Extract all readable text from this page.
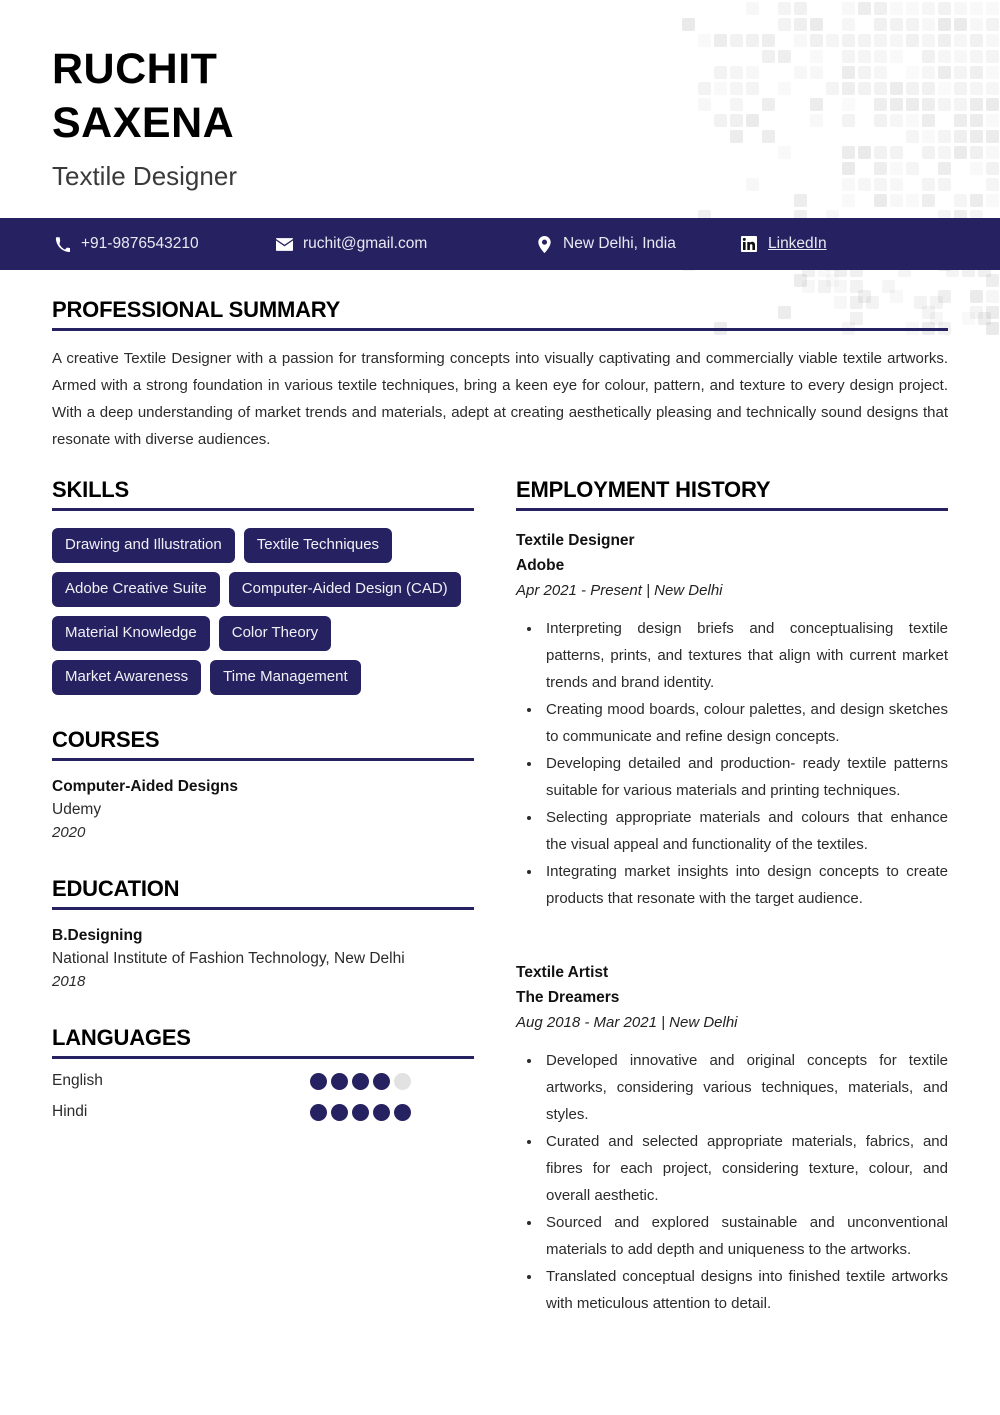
RUCHIT
SAXENA
Textile Designer
+91-9876543210	ruchit@gmail.com	New Delhi, India	LinkedIn
PROFESSIONAL SUMMARY
A creative Textile Designer with a passion for transforming concepts into visually captivating and commercially viable textile artworks. Armed with a strong foundation in various textile techniques, bring a keen eye for colour, pattern, and texture to every design project. With a deep understanding of market trends and materials, adept at creating aesthetically pleasing and technically sound designs that resonate with diverse audiences.
SKILLS
Drawing and Illustration	Textile Techniques
Adobe Creative Suite	Computer-Aided Design (CAD)
Material Knowledge	Color Theory
Market Awareness	Time Management
COURSES
Computer-Aided Designs
Udemy
2020
EDUCATION
B.Designing
National Institute of Fashion Technology, New Delhi
2018
LANGUAGES
English
Hindi
EMPLOYMENT HISTORY
Textile Designer
Adobe
Apr 2021 - Present | New Delhi
• Interpreting design briefs and conceptualising textile patterns, prints, and textures that align with current market trends and brand identity.
• Creating mood boards, colour palettes, and design sketches to communicate and refine design concepts.
• Developing detailed and production- ready textile patterns suitable for various materials and printing techniques.
• Selecting appropriate materials and colours that enhance the visual appeal and functionality of the textiles.
• Integrating market insights into design concepts to create products that resonate with the target audience.
Textile Artist
The Dreamers
Aug 2018 - Mar 2021 | New Delhi
• Developed innovative and original concepts for textile artworks, considering various techniques, materials, and styles.
• Curated and selected appropriate materials, fabrics, and fibres for each project, considering texture, colour, and overall aesthetic.
• Sourced and explored sustainable and unconventional materials to add depth and uniqueness to the artworks.
• Translated conceptual designs into finished textile artworks with meticulous attention to detail.
